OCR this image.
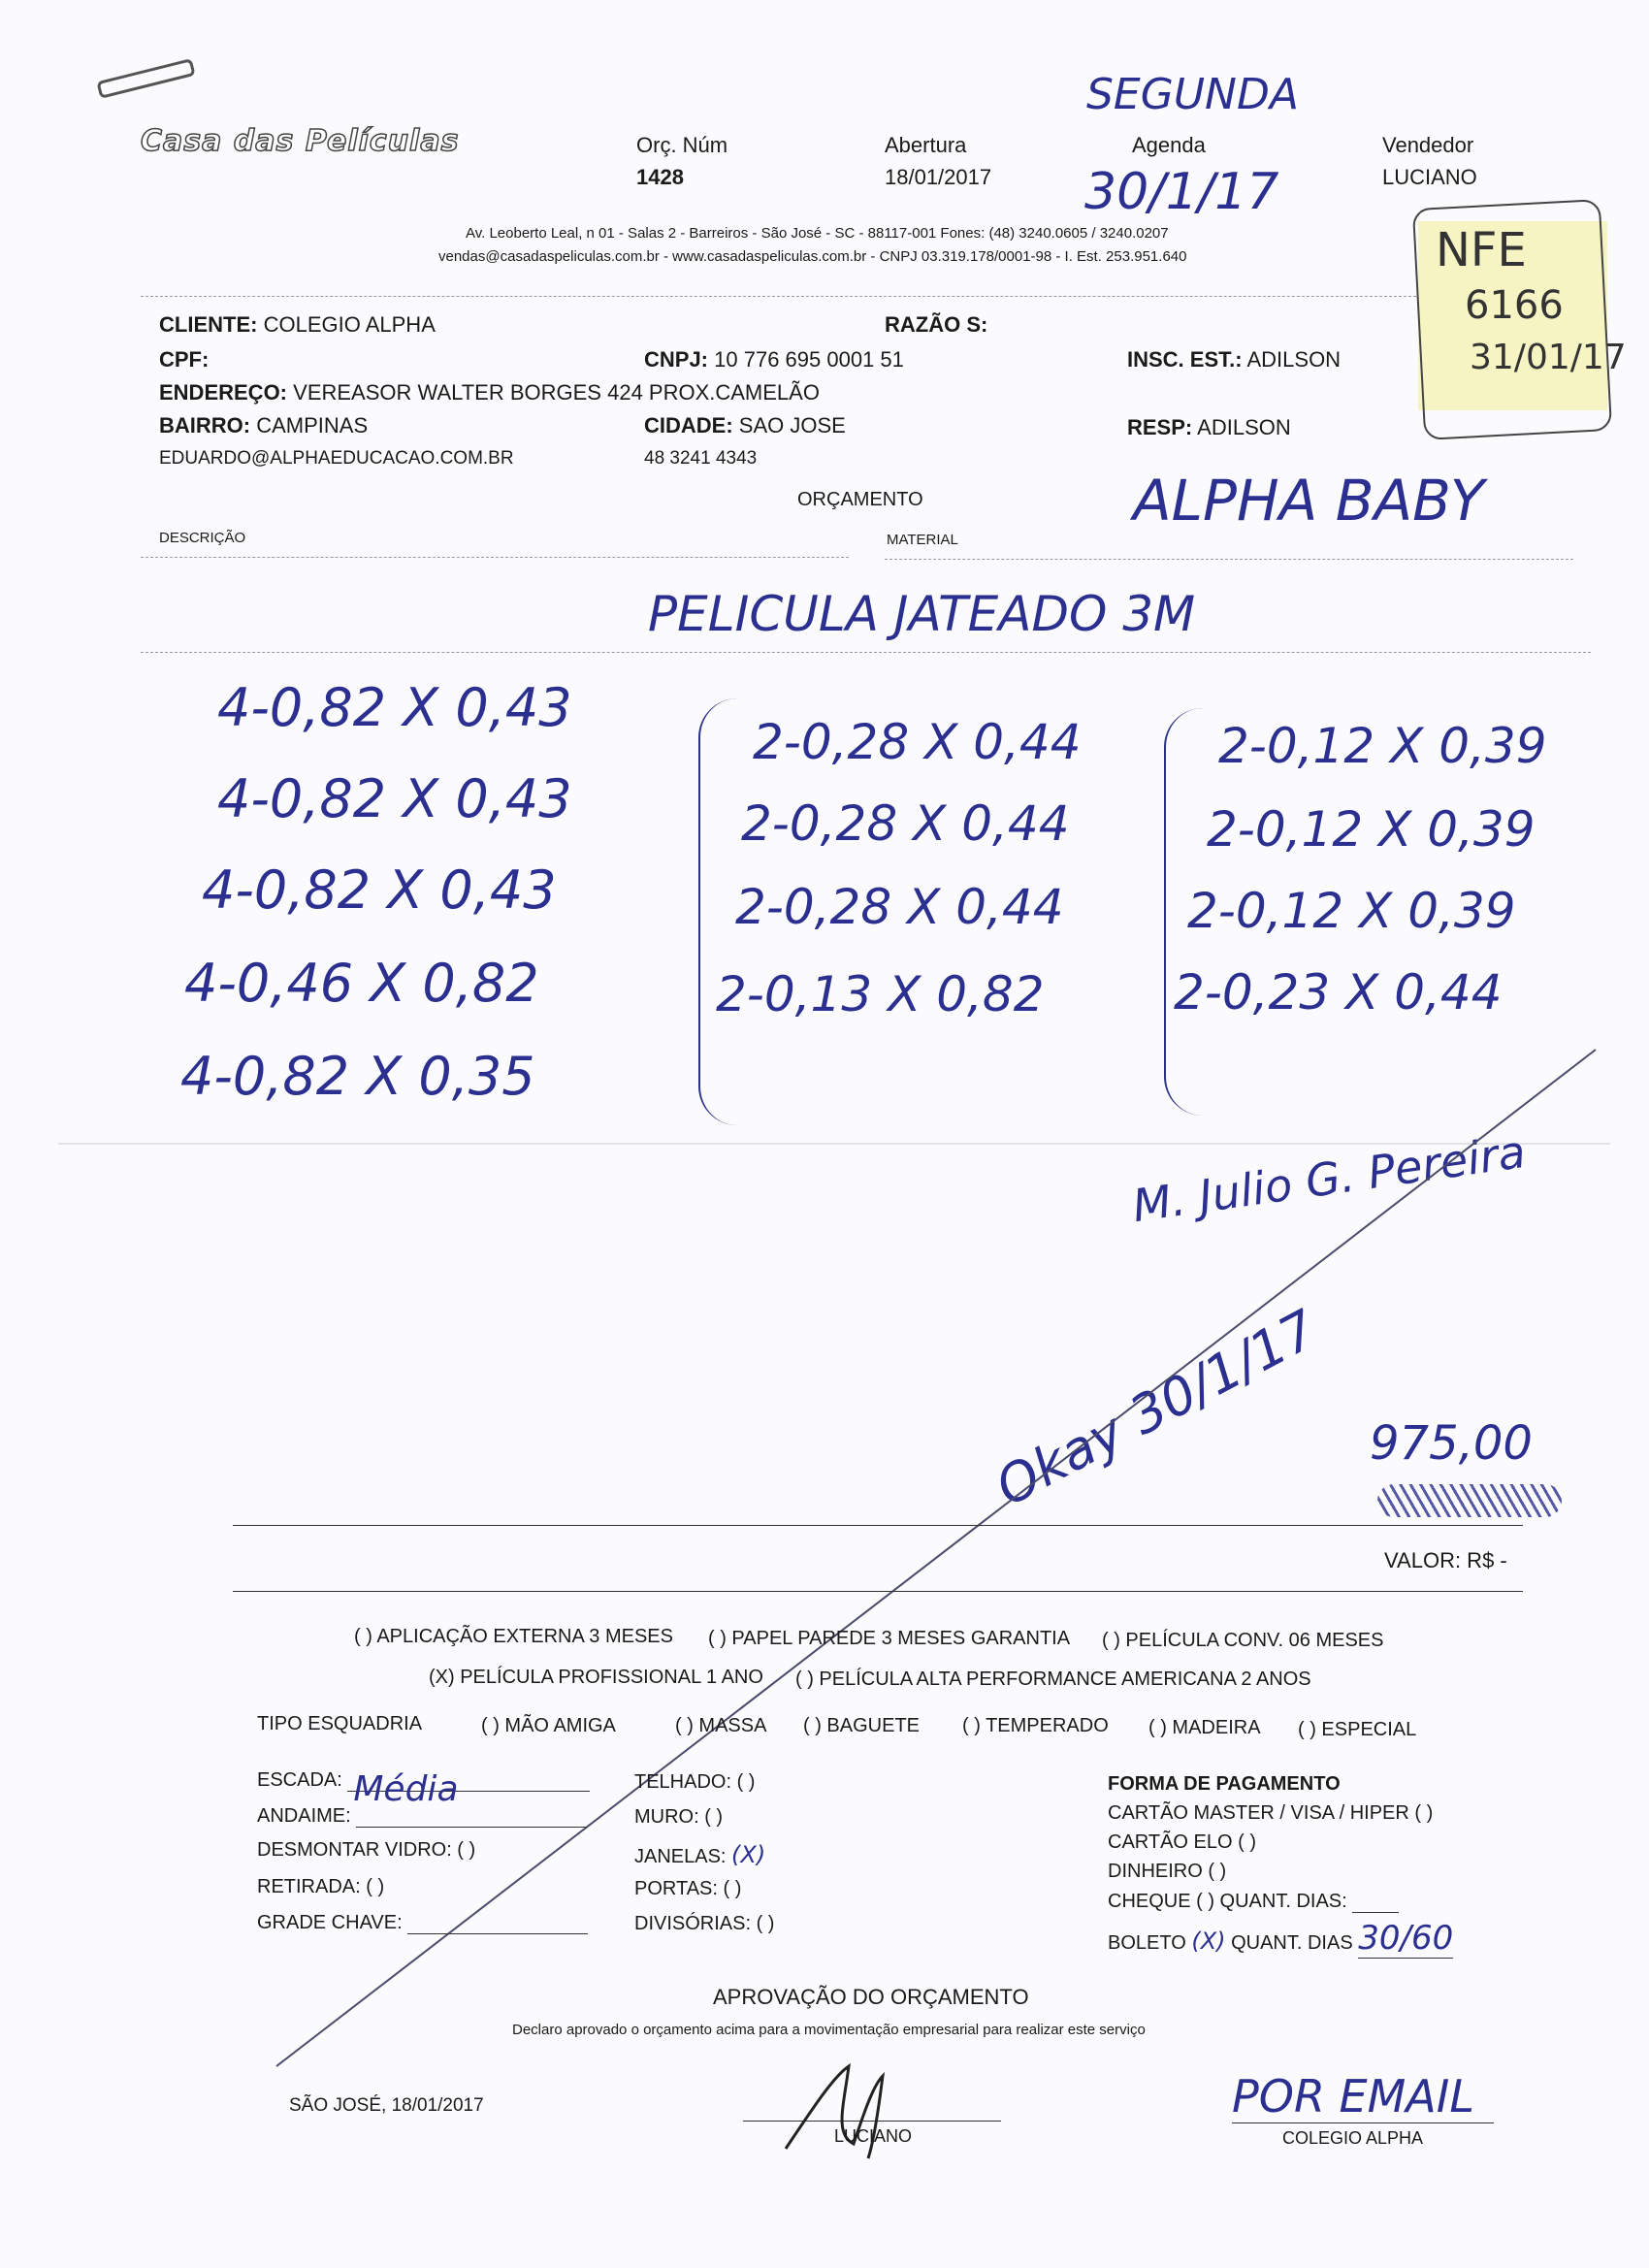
Casa das Películas	Orç. Núm
1428
Abertura
18/01/2017
SEGUNDA
Agenda
30/1/17
Vendedor
LUCIANO
Av. Leoberto Leal, n 01 - Salas 2 - Barreiros - São José - SC - 88117-001 Fones: (48) 3240.0605 / 3240.0207
vendas@casadaspeliculas.com.br - www.casadaspeliculas.com.br - CNPJ 03.319.178/0001-98 - I. Est. 253.951.640	NFE
6166
31/01/17
CLIENTE: COLEGIO ALPHA	RAZÃO S:
CPF:	CNPJ: 10 776 695 0001 51	INSC. EST.: ADILSON
ENDEREÇO: VEREASOR WALTER BORGES 424 PROX.CAMELÃO
BAIRRO: CAMPINAS	CIDADE: SAO JOSE	RESP: ADILSON
EDUARDO@ALPHAEDUCACAO.COM.BR	48 3241 4343
ORÇAMENTO
DESCRIÇÃO	MATERIAL
ALPHA BABY
PELICULA JATEADO 3M
4-0,82 X 0,43
4-0,82 X 0,43
4-0,82 X 0,43
4-0,46 X 0,82
4-0,82 X 0,35
2-0,28 X 0,44
2-0,28 X 0,44
2-0,28 X 0,44
2-0,13 X 0,82
2-0,12 X 0,39
2-0,12 X 0,39
2-0,12 X 0,39
2-0,23 X 0,44
M. Julio G. Pereira
Okay 30/1/17 975,00
VALOR: R$ -
( ) APLICAÇÃO EXTERNA 3 MESES ( ) PAPEL PAREDE 3 MESES GARANTIA ( ) PELÍCULA CONV. 06 MESES
(X) PELÍCULA PROFISSIONAL 1 ANO ( ) PELÍCULA ALTA PERFORMANCE AMERICANA 2 ANOS
TIPO ESQUADRIA	( ) MÃO AMIGA	( ) MASSA ( ) BAGUETE ( ) TEMPERADO ( ) MADEIRA ( ) ESPECIAL
ESCADA: Média
ANDAIME:
DESMONTAR VIDRO: ( )
RETIRADA: ( )
GRADE CHAVE:
TELHADO: ( )
MURO: ( )
JANELAS: (X)
PORTAS: ( )
DIVISÓRIAS: ( )
FORMA DE PAGAMENTO
CARTÃO MASTER / VISA / HIPER ( )
CARTÃO ELO ( )
DINHEIRO ( )
CHEQUE ( ) QUANT. DIAS:
BOLETO (X) QUANT. DIAS 30/60
APROVAÇÃO DO ORÇAMENTO
Declaro aprovado o orçamento acima para a movimentação empresarial para realizar este serviço
SÃO JOSÉ, 18/01/2017
LUCIANO
POR EMAIL
COLEGIO ALPHA
